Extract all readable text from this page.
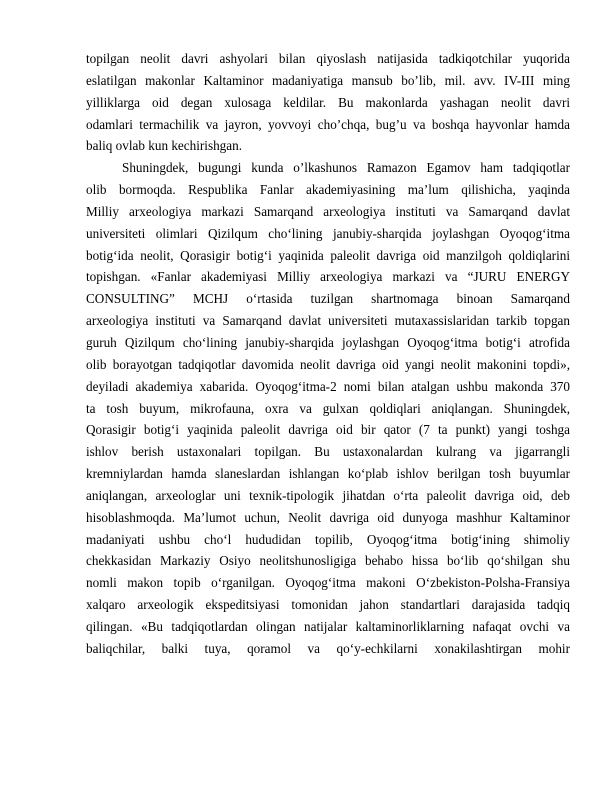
topilgan neolit davri ashyolari bilan qiyoslash natijasida tadkiqotchilar yuqorida
eslatilgan makonlar Kaltaminor madaniyatiga mansub bo’lib, mil. avv. IV-III ming
yilliklarga oid degan xulosaga keldilar. Bu makonlarda yashagan neolit davri
odamlari termachilik va jayron, yovvoyi cho’chqa, bug’u va boshqa hayvonlar hamda
baliq ovlab kun kechirishgan.
Shuningdek, bugungi kunda o’lkashunos Ramazon Egamov ham tadqiqotlar
olib bormoqda. Respublika Fanlar akademiyasining ma’lum qilishicha, yaqinda
Milliy arxeologiya markazi Samarqand arxeologiya instituti va Samarqand davlat
universiteti olimlari Qizilqum cho‘lining janubiy-sharqida joylashgan Oyoqog‘itma
botig‘ida neolit, Qorasigir botig‘i yaqinida paleolit davriga oid manzilgoh qoldiqlarini
topishgan. «Fanlar akademiyasi Milliy arxeologiya markazi va “JURU ENERGY
CONSULTING” MCHJ o‘rtasida tuzilgan shartnomaga binoan Samarqand
arxeologiya instituti va Samarqand davlat universiteti mutaxassislaridan tarkib topgan
guruh Qizilqum cho‘lining janubiy-sharqida joylashgan Oyoqog‘itma botig‘i atrofida
olib borayotgan tadqiqotlar davomida neolit davriga oid yangi neolit makonini topdi»,
deyiladi akademiya xabarida. Oyoqog‘itma-2 nomi bilan atalgan ushbu makonda 370
ta tosh buyum, mikrofauna, oxra va gulxan qoldiqlari aniqlangan. Shuningdek,
Qorasigir botig‘i yaqinida paleolit davriga oid bir qator (7 ta punkt) yangi toshga
ishlov berish ustaxonalari topilgan. Bu ustaxonalardan kulrang va jigarrangli
kremniylardan hamda slaneslardan ishlangan ko‘plab ishlov berilgan tosh buyumlar
aniqlangan, arxeologlar uni texnik-tipologik jihatdan o‘rta paleolit davriga oid, deb
hisoblashmoqda. Ma’lumot uchun, Neolit davriga oid dunyoga mashhur Kaltaminor
madaniyati ushbu cho‘l hududidan topilib, Oyoqog‘itma botig‘ining shimoliy
chekkasidan Markaziy Osiyo neolitshunosligiga behabo hissa bo‘lib qo‘shilgan shu
nomli makon topib o‘rganilgan. Oyoqog‘itma makoni O‘zbekiston-Polsha-Fransiya
xalqaro arxeologik ekspeditsiyasi tomonidan jahon standartlari darajasida tadqiq
qilingan. «Bu tadqiqotlardan olingan natijalar kaltaminorliklarning nafaqat ovchi va
baliqchilar, balki tuya, qoramol va qo‘y-echkilarni xonakilashtirgan mohir
